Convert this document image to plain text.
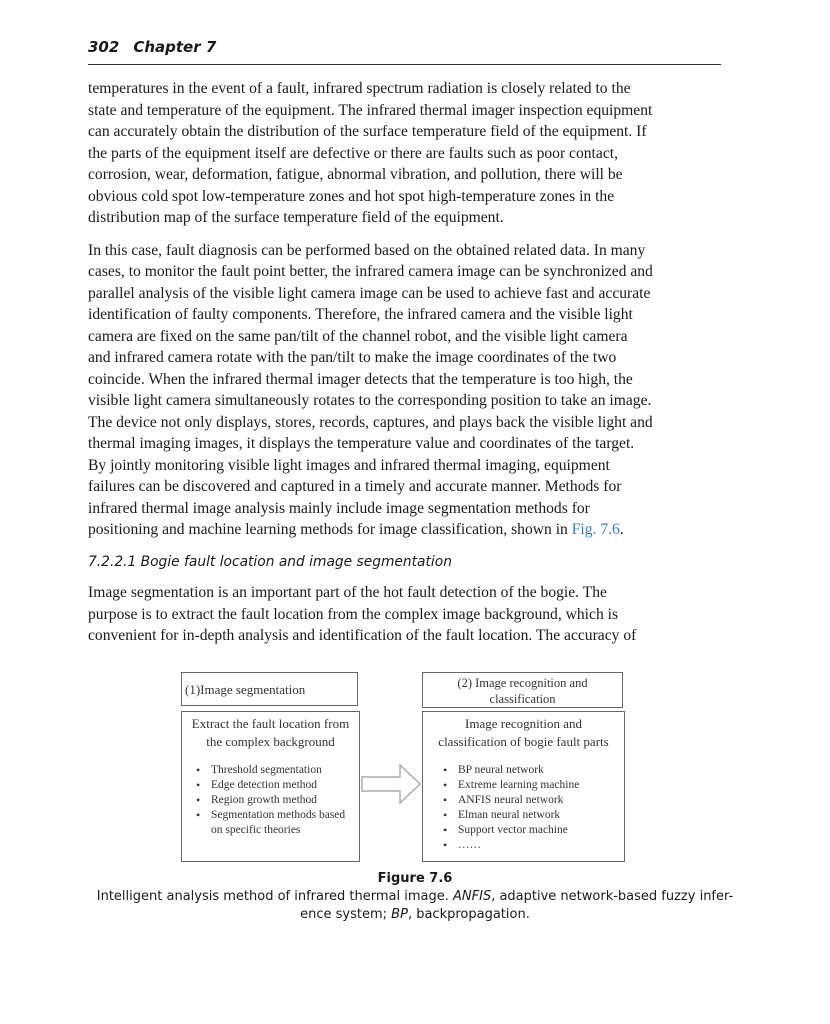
302 Chapter 7

temperatures in the event of a fault, infrared spectrum radiation is closely related to the
state and temperature of the equipment. The infrared thermal imager inspection equipment
can accurately obtain the distribution of the surface temperature field of the equipment. If
the parts of the equipment itself are defective or there are faults such as poor contact,
corrosion, wear, deformation, fatigue, abnormal vibration, and pollution, there will be
obvious cold spot low-temperature zones and hot spot high-temperature zones in the
distribution map of the surface temperature field of the equipment.

In this case, fault diagnosis can be performed based on the obtained related data. In many
cases, to monitor the fault point better, the infrared camera image can be synchronized and
parallel analysis of the visible light camera image can be used to achieve fast and accurate
identification of faulty components. Therefore, the infrared camera and the visible light
camera are fixed on the same pan/tilt of the channel robot, and the visible light camera
and infrared camera rotate with the pan/tilt to make the image coordinates of the two
coincide. When the infrared thermal imager detects that the temperature is too high, the
visible light camera simultaneously rotates to the corresponding position to take an image.
The device not only displays, stores, records, captures, and plays back the visible light and
thermal imaging images, it displays the temperature value and coordinates of the target.
By jointly monitoring visible light images and infrared thermal imaging, equipment
failures can be discovered and captured in a timely and accurate manner. Methods for
infrared thermal image analysis mainly include image segmentation methods for
positioning and machine learning methods for image classification, shown in Fig. 7.6.

7.2.2.1 Bogie fault location and image segmentation

Image segmentation is an important part of the hot fault detection of the bogie. The
purpose is to extract the fault location from the complex image background, which is
convenient for in-depth analysis and identification of the fault location. The accuracy of

(1)Image segmentation
Extract the fault location from
the complex background
• Threshold segmentation
• Edge detection method
• Region growth method
• Segmentation methods based
on specific theories
(2) Image recognition and
classification
Image recognition and
classification of bogie fault parts
• BP neural network
• Extreme learning machine
• ANFIS neural network
• Elman neural network
• Support vector machine
• ……
Figure 7.6
Intelligent analysis method of infrared thermal image. ANFIS, adaptive network-based fuzzy infer-
ence system; BP, backpropagation.
